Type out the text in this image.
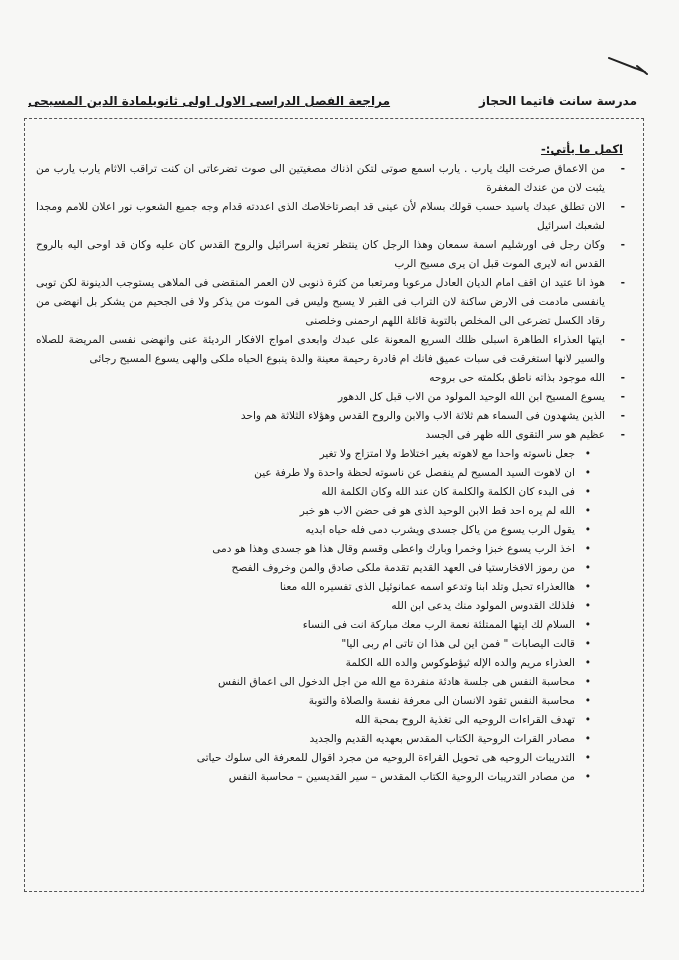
مدرسة سانت فاتيما الحجاز
مراجعة الفصل الدراسى الاول اولى ثانويلمادة الدين المسيحى
اكمل ما يأتي:-
- من الاعماق صرخت اليك يارب . يارب اسمع صوتى لتكن اذناك مصغيتين الى صوت تضرعاتى ان كنت تراقب الاثام يارب يارب من يثبت لان من عندك المغفرة
- الان تطلق عبدك ياسيد حسب قولك بسلام لأن عينى قد ابصرتاخلاصك الذى اعددته قدام وجه جميع الشعوب نور اعلان للامم ومجدا لشعبك اسرائيل
- وكان رجل فى اورشليم اسمة سمعان وهذا الرجل كان ينتظر تعزية اسرائيل والروح القدس كان عليه وكان قد اوحى اليه بالروح القدس انه لايرى الموت قبل ان يرى مسيح الرب
- هوذ انا عتيد ان اقف امام الديان العادل مرعوبا ومرتعبا من كثرة ذنوبى لان العمر المنقضى فى الملاهى يستوجب الدينونة لكن توبى يانفسى مادمت فى الارض ساكنة لان التراب فى القبر لا يسبح وليس فى الموت من يذكر ولا فى الجحيم من يشكر بل انهضى من رقاد الكسل تضرعى الى المخلص بالتوبة قائلة اللهم ارحمنى وخلصنى
- ايتها العذراء الطاهرة اسبلى ظلك السريع المعونة على عبدك وابعدى امواج الافكار الرديئة عنى وانهضى نفسى المريضة للصلاه والسير لانها استغرقت فى سبات عميق فانك ام قادرة رحيمة معينة والدة ينبوع الحياه ملكى والهى يسوع المسيح رجائى
- الله موجود بذاته ناطق بكلمته حى بروحه
- يسوع المسيح ابن الله الوحيد المولود من الاب قبل كل الدهور
- الذين يشهدون فى السماء هم ثلاثة الاب والابن والروح القدس وهؤلاء الثلاثة هم واحد
- عظيم هو سر التقوى الله ظهر فى الجسد
• جعل ناسوته واحدا مع لاهوته بغير اختلاط ولا امتزاج ولا تغير
• ان لاهوت السيد المسيح لم ينفصل عن ناسوته لحظة واحدة ولا طرفة عين
• فى البدء كان الكلمة والكلمة كان عند الله وكان الكلمة الله
• الله لم يره احد قط الابن الوحيد الذى هو فى حضن الاب هو خبر
• يقول الرب يسوع من ياكل جسدى ويشرب دمى فله حياه ابديه
• اخذ الرب يسوع خبزا وخمرا وبارك واعطى وقسم وقال هذا هو جسدى وهذا هو دمى
• من رموز الافخارستيا فى العهد القديم تقدمة ملكى صادق والمن وخروف الفصح
• هاالعذراء تحبل وتلد ابنا وتدعو اسمه عمانوئيل الذى تفسيره الله معنا
• فلذلك القدوس المولود منك يدعى ابن الله
• السلام لك ايتها الممتلئة نعمة الرب معك مباركة انت فى النساء
• قالت اليصابات " فمن اين لى هذا ان تاتى ام ربى اليا"
• العذراء مريم والده الإله ثيؤطوكوس والده الله الكلمة
• محاسبة النفس هى جلسة هادئة منفردة مع الله من اجل الدخول الى اعماق النفس
• محاسبة النفس تقود الانسان الى معرفة نفسة والصلاة والتوبة
• تهدف القراءات الروحيه الى تغذية الروح بمحبة الله
• مصادر القرات الروحية الكتاب المقدس بعهديه القديم والجديد
• التدريبات الروحيه هى تحويل القراءة الروحيه من مجرد اقوال للمعرفة الى سلوك حياتى
• من مصادر التدريبات الروحية الكتاب المقدس – سير القديسين – محاسبة النفس
